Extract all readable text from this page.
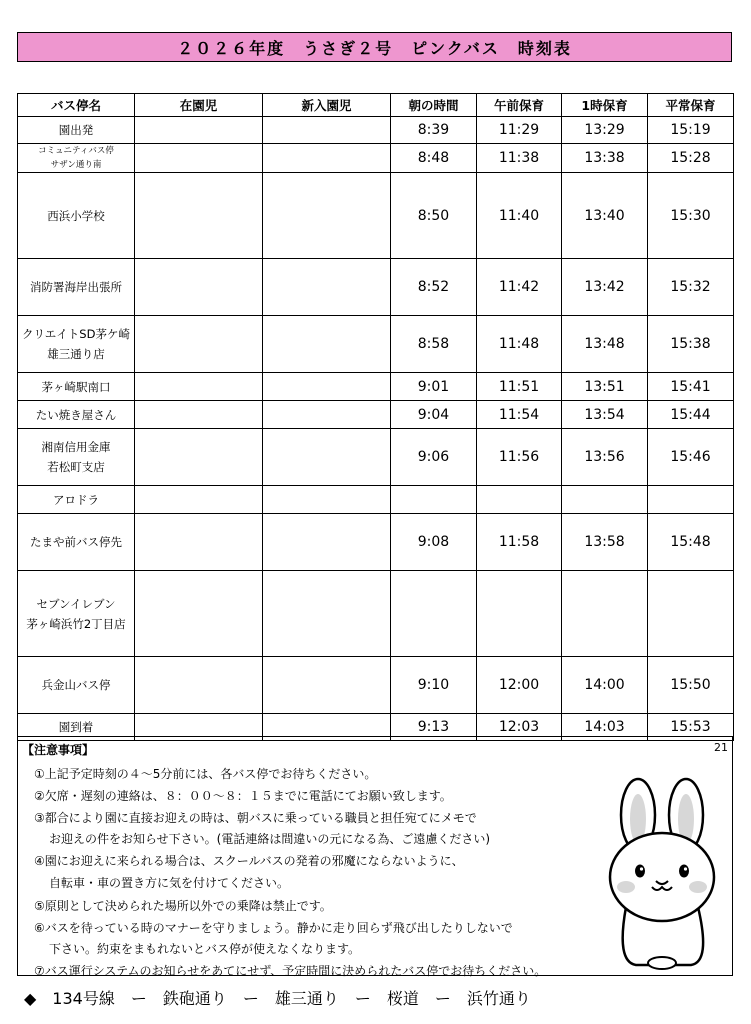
２０２６年度　うさぎ２号　ピンクバス　時刻表
バス停名	在園児	新入園児	朝の時間	午前保育	1時保育	平常保育

園出発			8:39	11:29	13:29	15:19

コミュニティバス停
サザン通り南			8:48	11:38	13:38	15:28

西浜小学校			8:50	11:40	13:40	15:30

消防署海岸出張所			8:52	11:42	13:42	15:32

クリエイトSD茅ケ崎
雄三通り店			8:58	11:48	13:48	15:38

茅ヶ崎駅南口			9:01	11:51	13:51	15:41

たい焼き屋さん			9:04	11:54	13:54	15:44

湘南信用金庫
若松町支店			9:06	11:56	13:56	15:46

アロドラ						

たまや前バス停先			9:08	11:58	13:58	15:48

セブンイレブン
茅ヶ崎浜竹2丁目店						

兵金山バス停			9:10	12:00	14:00	15:50

園到着			9:13	12:03	14:03	15:53
【注意事項】	21
①上記予定時刻の４～5分前には、各バス停でお待ちください。
②欠席・遅刻の連絡は、８：００～８：１５までに電話にてお願い致します。
③都合により園に直接お迎えの時は、朝バスに乗っている職員と担任宛てにメモで
お迎えの件をお知らせ下さい。(電話連絡は間違いの元になる為、ご遠慮ください)
④園にお迎えに来られる場合は、スクールバスの発着の邪魔にならないように、
自転車・車の置き方に気を付けてください。
⑤原則として決められた場所以外での乗降は禁止です。
⑥バスを待っている時のマナーを守りましょう。静かに走り回らず飛び出したりしないで
下さい。約束をまもれないとバス停が使えなくなります。
⑦バス運行システムのお知らせをあてにせず、予定時間に決められたバス停でお待ちください。
◆　134号線　ー　鉄砲通り　ー　雄三通り　ー　桜道　ー　浜竹通り
